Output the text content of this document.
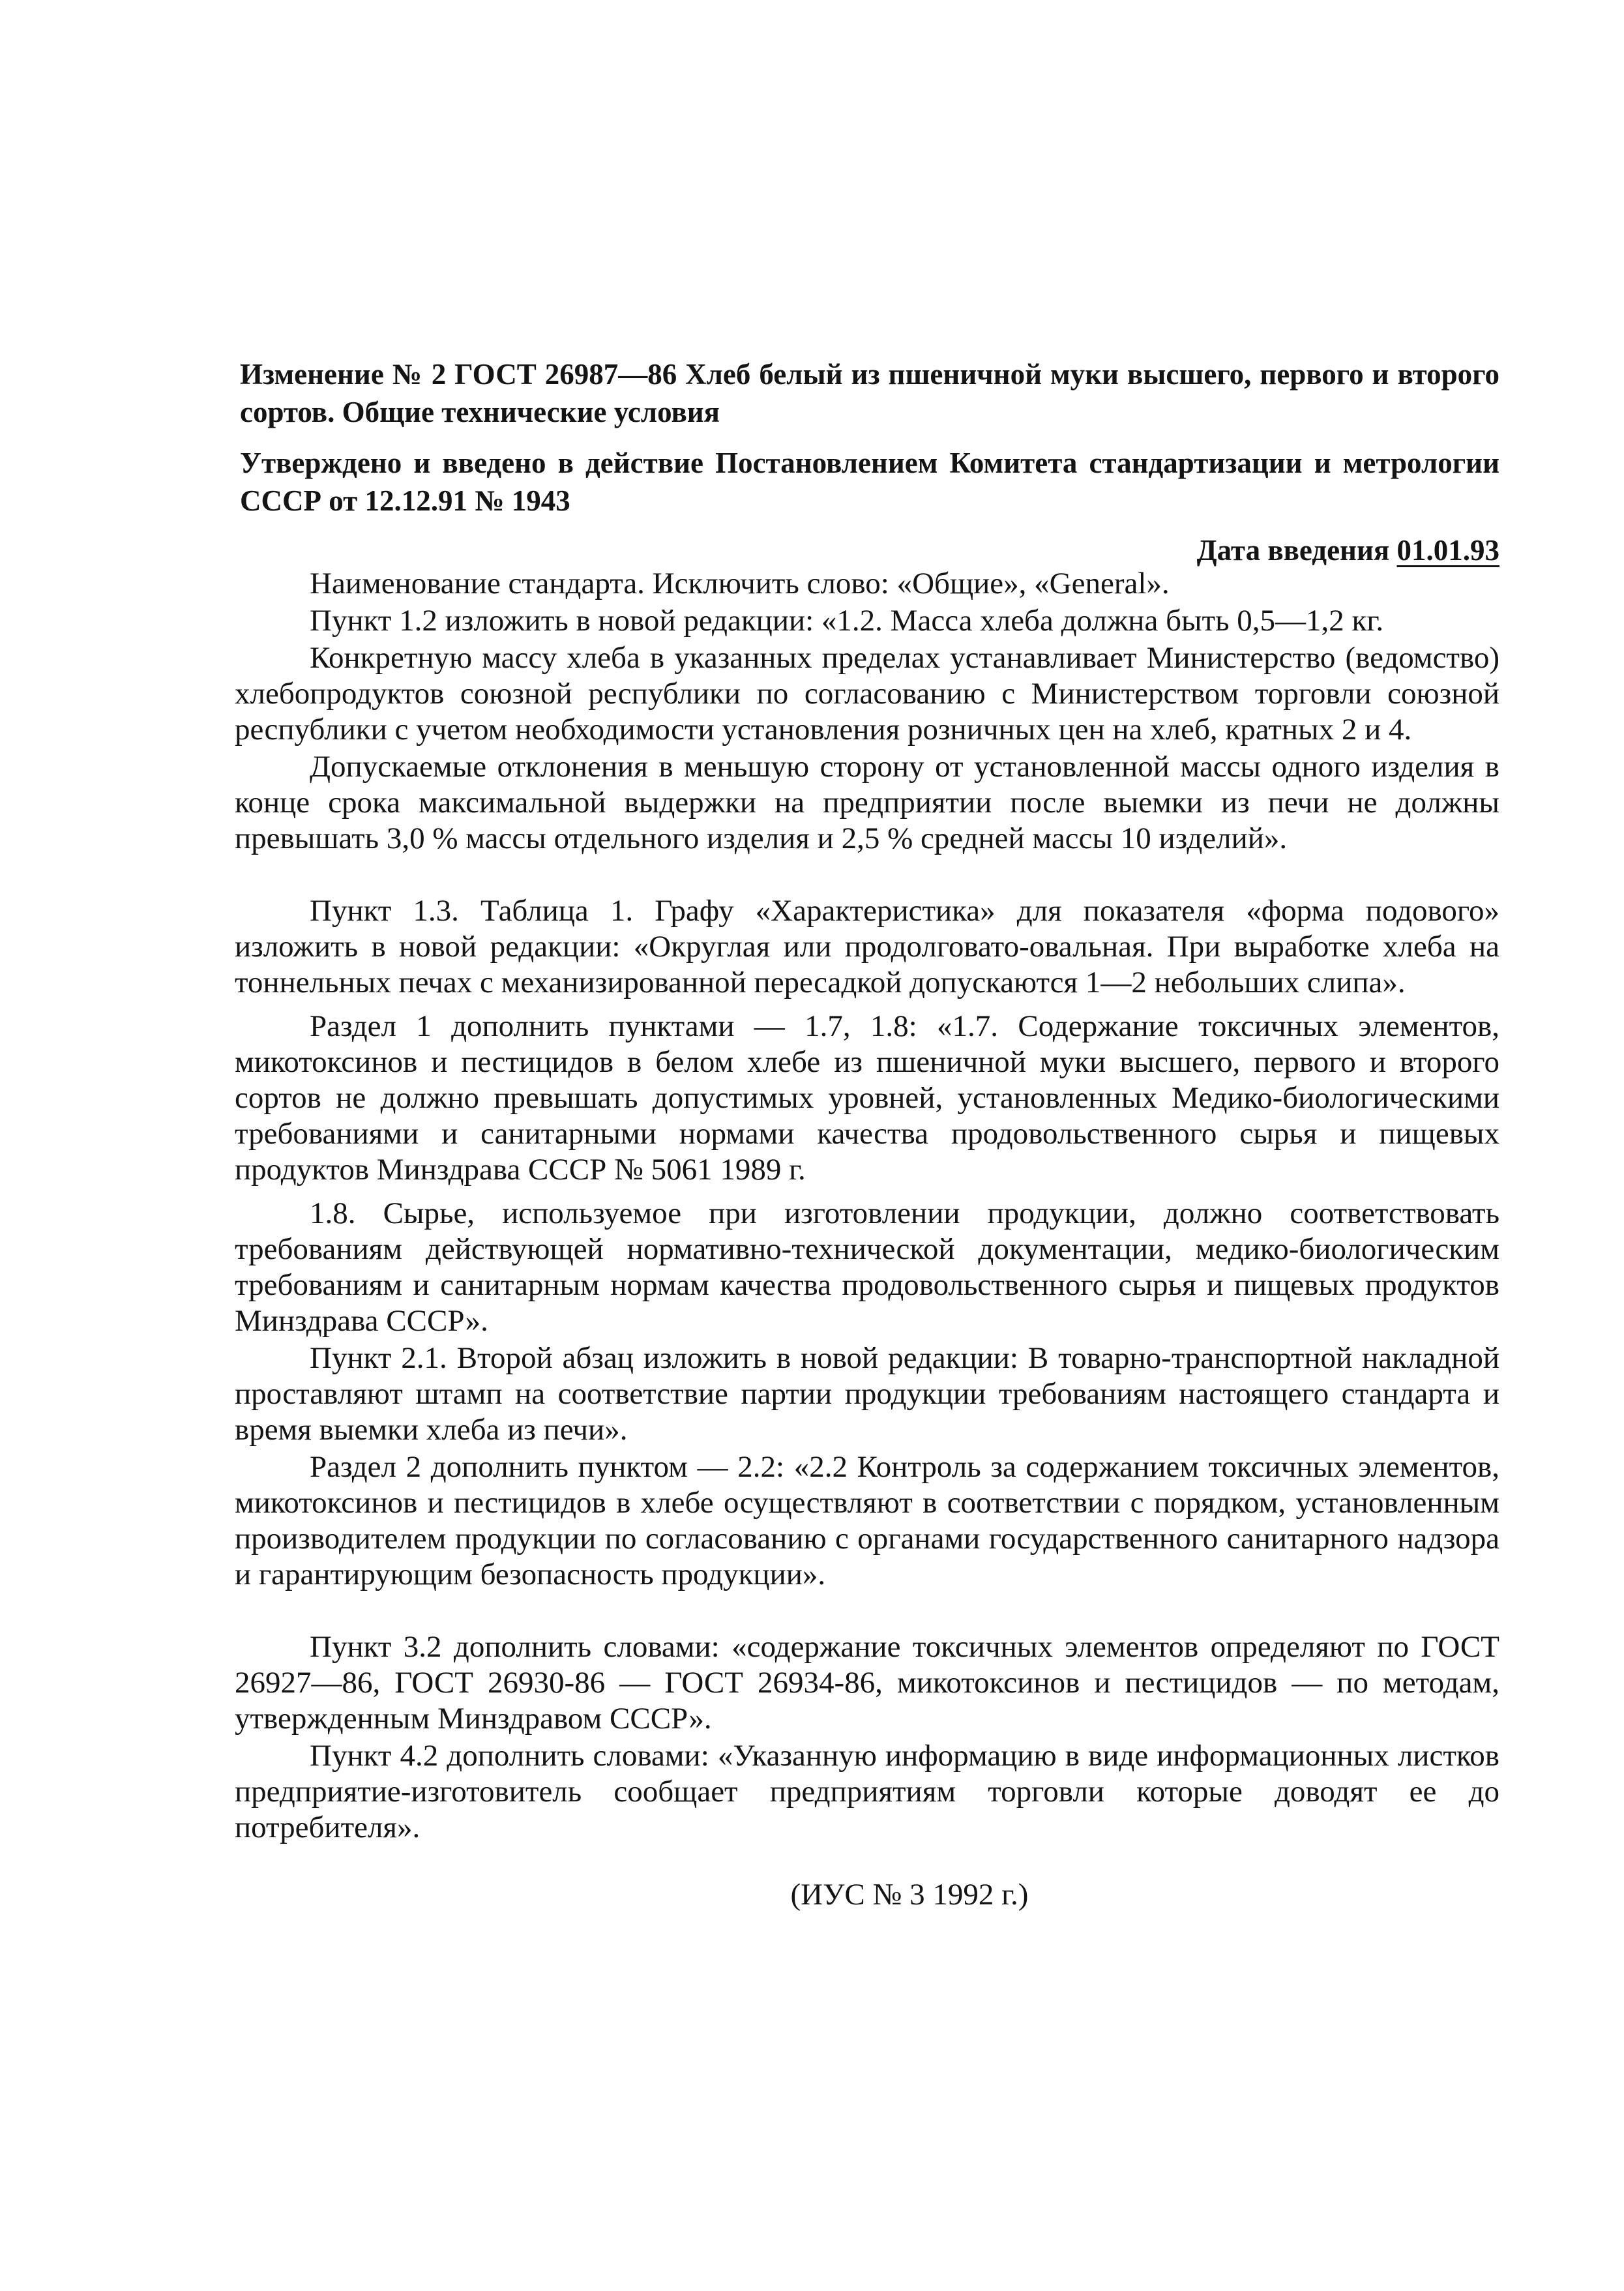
Изменение № 2 ГОСТ 26987—86 Хлеб белый из пшеничной муки высшего, первого и второго сортов. Общие технические условия

Утверждено и введено в действие Постановлением Комитета стандартизации и метрологии СССР от 12.12.91 № 1943

Дата введения 01.01.93

Наименование стандарта. Исключить слово: «Общие», «General».

Пункт 1.2 изложить в новой редакции: «1.2. Масса хлеба должна быть 0,5—1,2 кг.

Конкретную массу хлеба в указанных пределах устанавливает Министерство (ведомство) хлебопродуктов союзной республики по согласованию с Министерством торговли союзной республики с учетом необходимости установления розничных цен на хлеб, кратных 2 и 4.

Допускаемые отклонения в меньшую сторону от установленной массы одного изделия в конце срока максимальной выдержки на предприятии после выемки из печи не должны превышать 3,0 % массы отдельного изделия и 2,5 % средней массы 10 изделий».

Пункт 1.3. Таблица 1. Графу «Характеристика» для показателя «форма подового» изложить в новой редакции: «Округлая или продолговато-овальная. При выработке хлеба на тоннельных печах с механизированной пересадкой допускаются 1—2 небольших слипа».

Раздел 1 дополнить пунктами — 1.7, 1.8: «1.7. Содержание токсичных элементов, микотоксинов и пестицидов в белом хлебе из пшеничной муки высшего, первого и второго сортов не должно превышать допустимых уровней, установленных Медико-биологическими требованиями и санитарными нормами качества продовольственного сырья и пищевых продуктов Минздрава СССР № 5061 1989 г.

1.8. Сырье, используемое при изготовлении продукции, должно соответствовать требованиям действующей нормативно-технической документации, медико-биологическим требованиям и санитарным нормам качества продовольственного сырья и пищевых продуктов Минздрава СССР».

Пункт 2.1. Второй абзац изложить в новой редакции: В товарно-транспортной накладной проставляют штамп на соответствие партии продукции требованиям настоящего стандарта и время выемки хлеба из печи».

Раздел 2 дополнить пунктом — 2.2: «2.2 Контроль за содержанием токсичных элементов, микотоксинов и пестицидов в хлебе осуществляют в соответствии с порядком, установленным производителем продукции по согласованию с органами государственного санитарного надзора и гарантирующим безопасность продукции».

Пункт 3.2 дополнить словами: «содержание токсичных элементов определяют по ГОСТ 26927—86, ГОСТ 26930-86 — ГОСТ 26934-86, микотоксинов и пестицидов — по методам, утвержденным Минздравом СССР».

Пункт 4.2 дополнить словами: «Указанную информацию в виде информационных листков предприятие-изготовитель сообщает предприятиям торговли которые доводят ее до потребителя».

(ИУС № 3 1992 г.)
